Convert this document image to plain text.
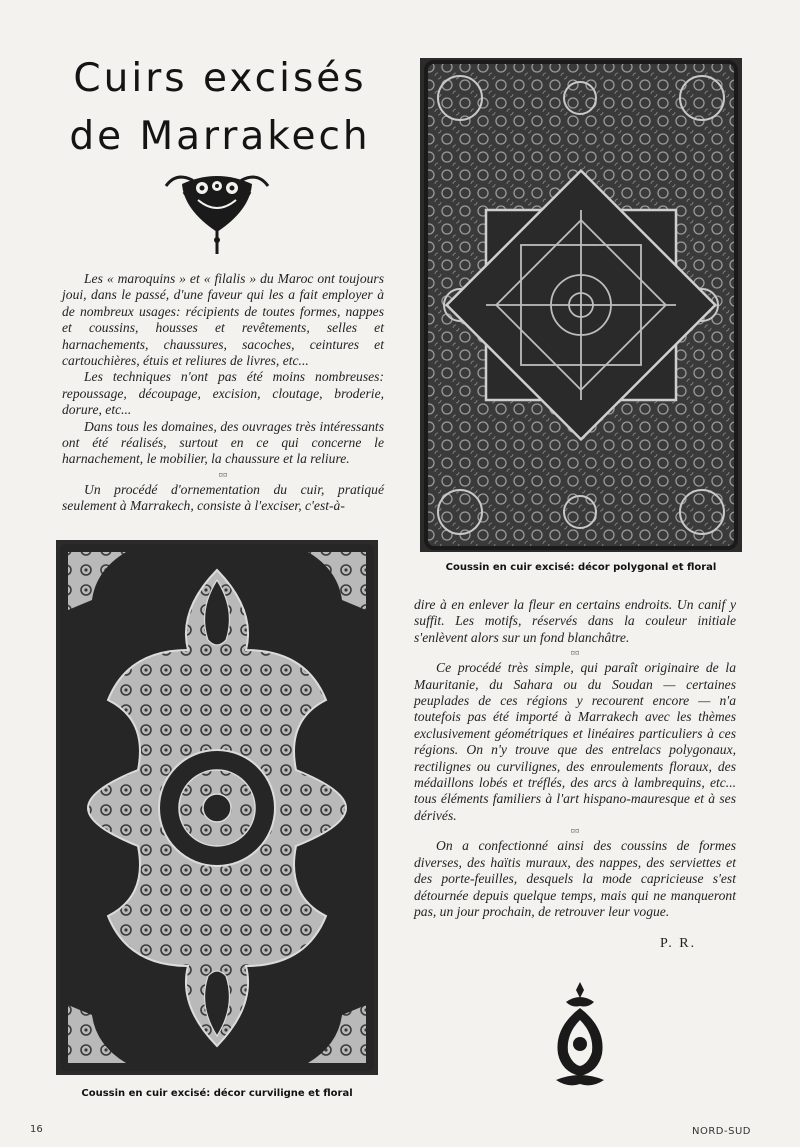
Cuirs excisés
de Marrakech

Les « maroquins » et « filalis » du Maroc ont toujours joui, dans le passé, d'une faveur qui les a fait employer à de nombreux usages: récipients de toutes formes, nappes et coussins, housses et revêtements, selles et harnachements, chaussures, sacoches, ceintures et cartouchières, étuis et reliures de livres, etc...

Les techniques n'ont pas été moins nombreuses: repoussage, découpage, excision, cloutage, broderie, dorure, etc...

Dans tous les domaines, des ouvrages très intéressants ont été réalisés, surtout en ce qui concerne le harnachement, le mobilier, la chaussure et la reliure.

¤¤

Un procédé d'ornementation du cuir, pratiqué seulement à Marrakech, consiste à l'exciser, c'est-à-

Coussin en cuir excisé: décor polygonal et floral
Coussin en cuir excisé: décor curviligne et floral

dire à en enlever la fleur en certains endroits. Un canif y suffit. Les motifs, réservés dans la couleur initiale s'enlèvent alors sur un fond blanchâtre.

¤¤

Ce procédé très simple, qui paraît originaire de la Mauritanie, du Sahara ou du Soudan — certaines peuplades de ces régions y recourent encore — n'a toutefois pas été importé à Marrakech avec les thèmes exclusivement géométriques et linéaires particuliers à ces régions. On n'y trouve que des entrelacs polygonaux, rectilignes ou curvilignes, des enroulements floraux, des médaillons lobés et tréflés, des arcs à lambrequins, etc... tous éléments familiers à l'art hispano-mauresque et à ses dérivés.

¤¤

On a confectionné ainsi des coussins de formes diverses, des haïtis muraux, des nappes, des serviettes et des porte-feuilles, desquels la mode capricieuse s'est détournée depuis quelque temps, mais qui ne manqueront pas, un jour prochain, de retrouver leur vogue.

P. R.
16	NORD-SUD
